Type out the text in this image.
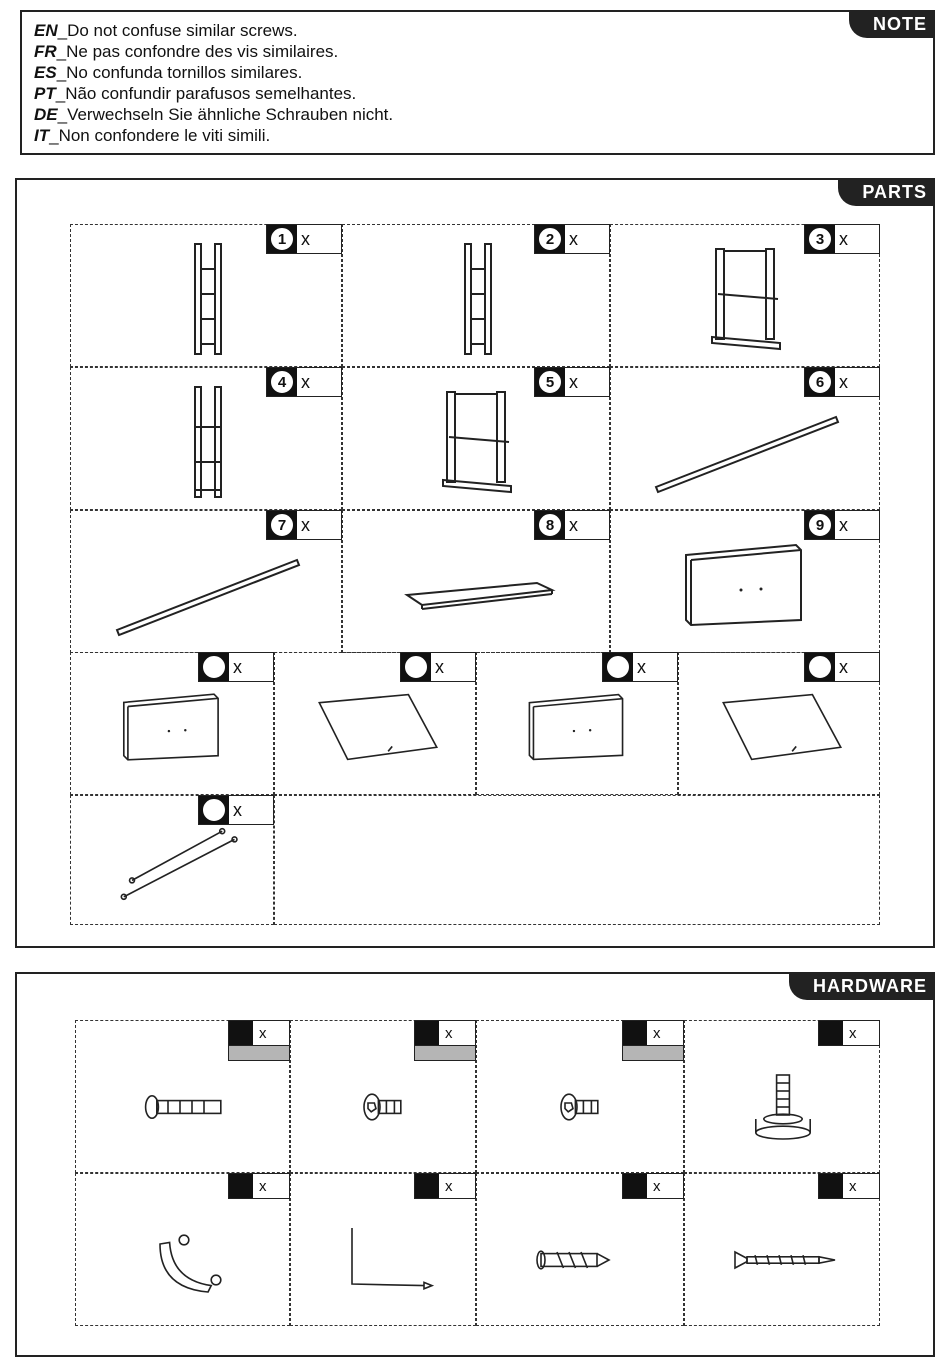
NOTE
EN_Do not confuse similar screws.
FR_Ne pas confondre des vis similaires.
ES_No confunda tornillos similares.
PT_Não confundir parafusos semelhantes.
DE_Verwechseln Sie ähnliche Schrauben nicht.
IT_Non confondere le viti simili.
PARTS
1 x	2 x	3 x
4 x	5 x	6 x
7 x	8 x	9 x
x	x	x	x
x
HARDWARE
x	x	x	x
x	x	x	x
